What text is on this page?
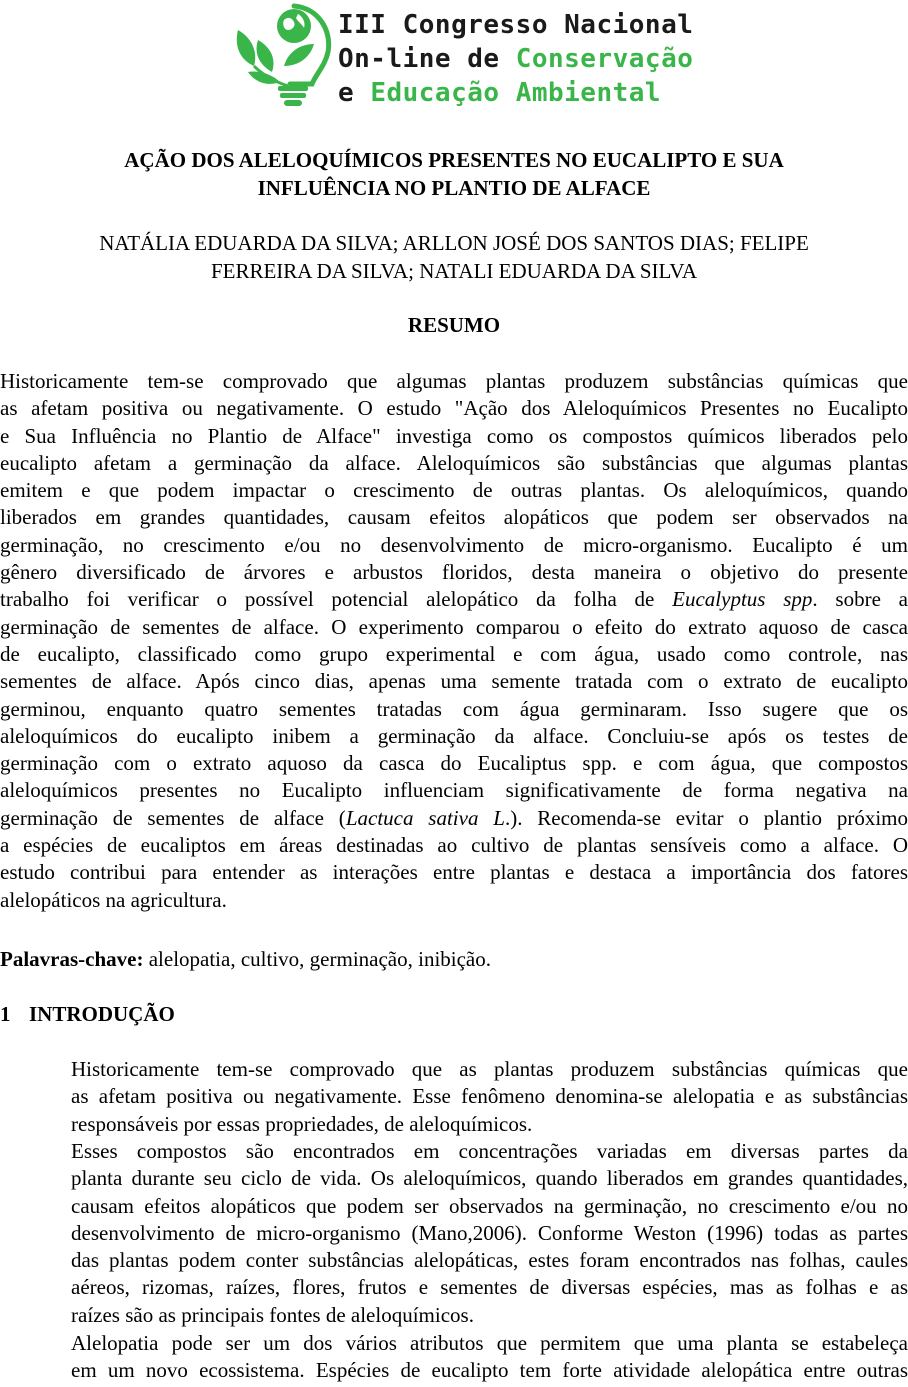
III Congresso Nacional
On-line de Conservação
e Educação Ambiental
AÇÃO DOS ALELOQUÍMICOS PRESENTES NO EUCALIPTO E SUA
INFLUÊNCIA NO PLANTIO DE ALFACE
NATÁLIA EDUARDA DA SILVA; ARLLON JOSÉ DOS SANTOS DIAS; FELIPE
FERREIRA DA SILVA; NATALI EDUARDA DA SILVA
RESUMO
Historicamente tem-se comprovado que algumas plantas produzem substâncias químicas que
as afetam positiva ou negativamente. O estudo "Ação dos Aleloquímicos Presentes no Eucalipto
e Sua Influência no Plantio de Alface" investiga como os compostos químicos liberados pelo
eucalipto afetam a germinação da alface. Aleloquímicos são substâncias que algumas plantas
emitem e que podem impactar o crescimento de outras plantas. Os aleloquímicos, quando
liberados em grandes quantidades, causam efeitos alopáticos que podem ser observados na
germinação, no crescimento e/ou no desenvolvimento de micro-organismo. Eucalipto é um
gênero diversificado de árvores e arbustos floridos, desta maneira o objetivo do presente
trabalho foi verificar o possível potencial alelopático da folha de Eucalyptus spp. sobre a
germinação de sementes de alface. O experimento comparou o efeito do extrato aquoso de casca
de eucalipto, classificado como grupo experimental e com água, usado como controle, nas
sementes de alface. Após cinco dias, apenas uma semente tratada com o extrato de eucalipto
germinou, enquanto quatro sementes tratadas com água germinaram. Isso sugere que os
aleloquímicos do eucalipto inibem a germinação da alface. Concluiu-se após os testes de
germinação com o extrato aquoso da casca do Eucaliptus spp. e com água, que compostos
aleloquímicos presentes no Eucalipto influenciam significativamente de forma negativa na
germinação de sementes de alface (Lactuca sativa L.). Recomenda-se evitar o plantio próximo
a espécies de eucaliptos em áreas destinadas ao cultivo de plantas sensíveis como a alface. O
estudo contribui para entender as interações entre plantas e destaca a importância dos fatores
alelopáticos na agricultura.
Palavras-chave: alelopatia, cultivo, germinação, inibição.
1 INTRODUÇÃO
Historicamente tem-se comprovado que as plantas produzem substâncias químicas que
as afetam positiva ou negativamente. Esse fenômeno denomina-se alelopatia e as substâncias
responsáveis por essas propriedades, de aleloquímicos.
Esses compostos são encontrados em concentrações variadas em diversas partes da
planta durante seu ciclo de vida. Os aleloquímicos, quando liberados em grandes quantidades,
causam efeitos alopáticos que podem ser observados na germinação, no crescimento e/ou no
desenvolvimento de micro-organismo (Mano,2006). Conforme Weston (1996) todas as partes
das plantas podem conter substâncias alelopáticas, estes foram encontrados nas folhas, caules
aéreos, rizomas, raízes, flores, frutos e sementes de diversas espécies, mas as folhas e as
raízes são as principais fontes de aleloquímicos.
Alelopatia pode ser um dos vários atributos que permitem que uma planta se estabeleça
em um novo ecossistema. Espécies de eucalipto tem forte atividade alelopática entre outras
